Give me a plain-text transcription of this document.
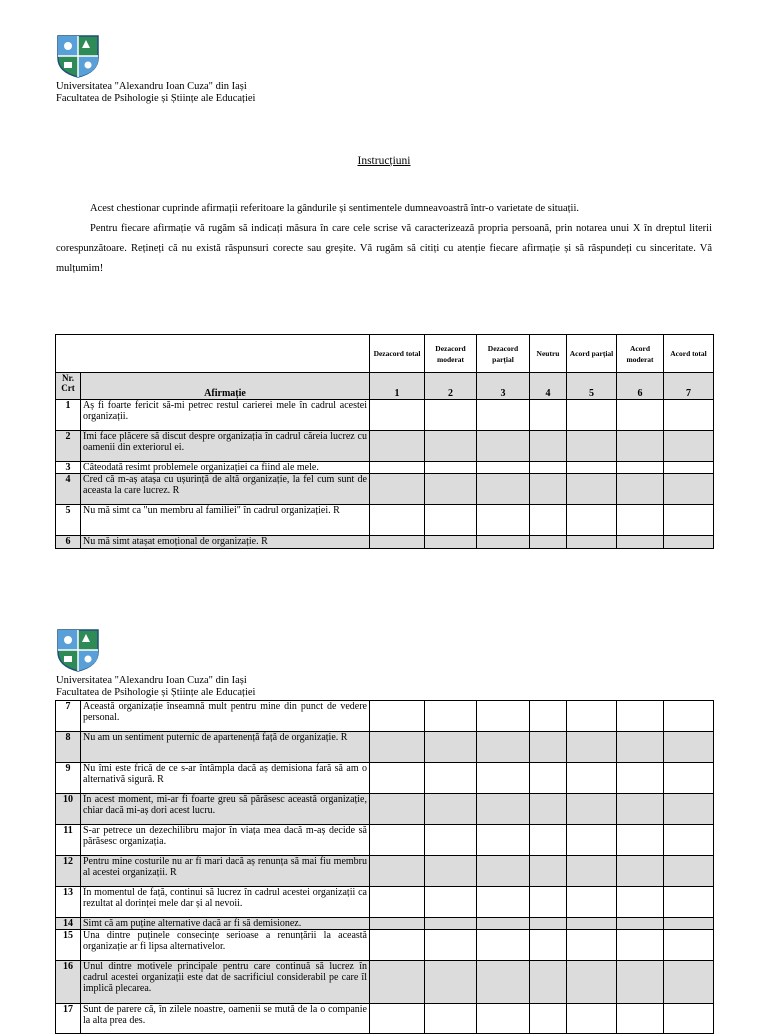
Universitatea "Alexandru Ioan Cuza" din Iași
Facultatea de Psihologie și Științe ale Educației
Instrucțiuni

Acest chestionar cuprinde afirmații referitoare la gândurile și sentimentele dumneavoastră într-o varietate de situații.

Pentru fiecare afirmație vă rugăm să indicați măsura în care cele scrise vă caracterizează propria persoană, prin notarea unui X în dreptul literii corespunzătoare. Rețineți că nu există răspunsuri corecte sau greșite. Vă rugăm să citiți cu atenție fiecare afirmație și să răspundeți cu sinceritate. Vă mulțumim!

		Dezacord total	Dezacord moderat	Dezacord parțial	Neutru	Acord parțial	Acord moderat	Acord total
Nr. Crt	Afirmație	1	2	3	4	5	6	7
1	Aș fi foarte fericit să-mi petrec restul carierei mele în cadrul acestei organizații.							
2	Îmi face plăcere să discut despre organizația în cadrul căreia lucrez cu oamenii din exteriorul ei.							
3	Câteodată resimt problemele organizației ca fiind ale mele.							
4	Cred că m-aș atașa cu ușurință de altă organizație, la fel cum sunt de aceasta la care lucrez. R							
5	Nu mă simt ca "un membru al familiei" în cadrul organizației. R							
6	Nu mă simt atașat emoțional de organizație. R							
Universitatea "Alexandru Ioan Cuza" din Iași
Facultatea de Psihologie și Științe ale Educației
7	Această organizație înseamnă mult pentru mine din punct de vedere personal.							
8	Nu am un sentiment puternic de apartenență față de organizație. R							
9	Nu îmi este frică de ce s-ar întâmpla dacă aș demisiona fară să am o alternativă sigură. R							
10	În acest moment, mi-ar fi foarte greu să părăsesc această organizație, chiar dacă mi-aș dori acest lucru.							
11	S-ar petrece un dezechilibru major în viața mea dacă m-aș decide să părăsesc organizația.							
12	Pentru mine costurile nu ar fi mari dacă aș renunța să mai fiu membru al acestei organizații. R							
13	În momentul de față, continui să lucrez în cadrul acestei organizații ca rezultat al dorinței mele dar și al nevoii.							
14	Simt că am puține alternative dacă ar fi să demisionez.							
15	Una dintre puținele consecințe serioase a renunțării la această organizație ar fi lipsa alternativelor.							
16	Unul dintre motivele principale pentru care continuă să lucrez în cadrul acestei organizații este dat de sacrificiul considerabil pe care îl implică plecarea.							
17	Sunt de parere că, în zilele noastre, oamenii se mută de la o companie la alta prea des.							
